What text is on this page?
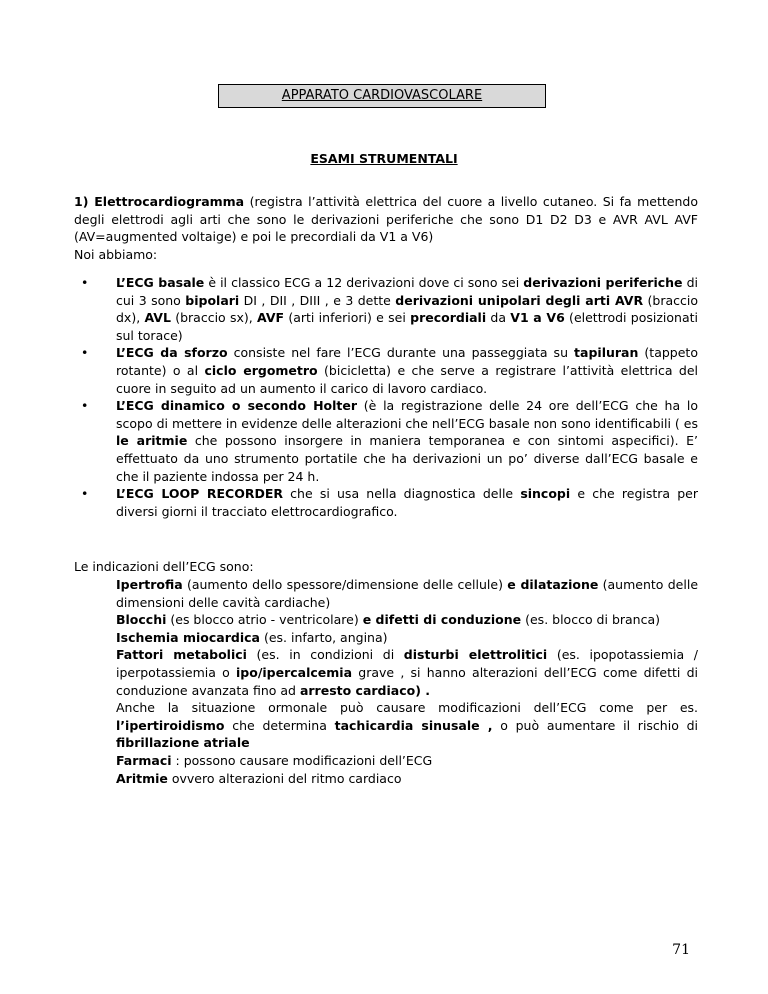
APPARATO CARDIOVASCOLARE
ESAMI STRUMENTALI
1) Elettrocardiogramma (registra l’attività elettrica del cuore a livello cutaneo. Si fa mettendo degli elettrodi agli arti che sono le derivazioni periferiche che sono D1 D2 D3 e AVR AVL AVF (AV=augmented voltaige) e poi le precordiali da V1 a V6)
Noi abbiamo:
• L’ECG basale è il classico ECG a 12 derivazioni dove ci sono sei derivazioni periferiche di cui 3 sono bipolari DI , DII , DIII , e 3 dette derivazioni unipolari degli arti AVR (braccio dx), AVL (braccio sx), AVF (arti inferiori) e sei precordiali da V1 a V6 (elettrodi posizionati sul torace)
• L’ECG da sforzo consiste nel fare l’ECG durante una passeggiata su tapiluran (tappeto rotante) o al ciclo ergometro (bicicletta) e che serve a registrare l’attività elettrica del cuore in seguito ad un aumento il carico di lavoro cardiaco.
• L’ECG dinamico o secondo Holter (è la registrazione delle 24 ore dell’ECG che ha lo scopo di mettere in evidenze delle alterazioni che nell’ECG basale non sono identificabili ( es le aritmie che possono insorgere in maniera temporanea e con sintomi aspecifici). E’ effettuato da uno strumento portatile che ha derivazioni un po’ diverse dall’ECG basale e che il paziente indossa per 24 h.
• L’ECG LOOP RECORDER che si usa nella diagnostica delle sincopi e che registra per diversi giorni il tracciato elettrocardiografico.
Le indicazioni dell’ECG sono:
Ipertrofia (aumento dello spessore/dimensione delle cellule) e dilatazione (aumento delle dimensioni delle cavità cardiache)
Blocchi (es blocco atrio - ventricolare) e difetti di conduzione (es. blocco di branca)
Ischemia miocardica (es. infarto, angina)
Fattori metabolici (es. in condizioni di disturbi elettrolitici (es. ipopotassiemia / iperpotassiemia o ipo/ipercalcemia grave , si hanno alterazioni dell’ECG come difetti di conduzione avanzata fino ad arresto cardiaco) .
Anche la situazione ormonale può causare modificazioni dell’ECG come per es. l’ipertiroidismo che determina tachicardia sinusale , o può aumentare il rischio di fibrillazione atriale
Farmaci : possono causare modificazioni dell’ECG
Aritmie ovvero alterazioni del ritmo cardiaco
71
